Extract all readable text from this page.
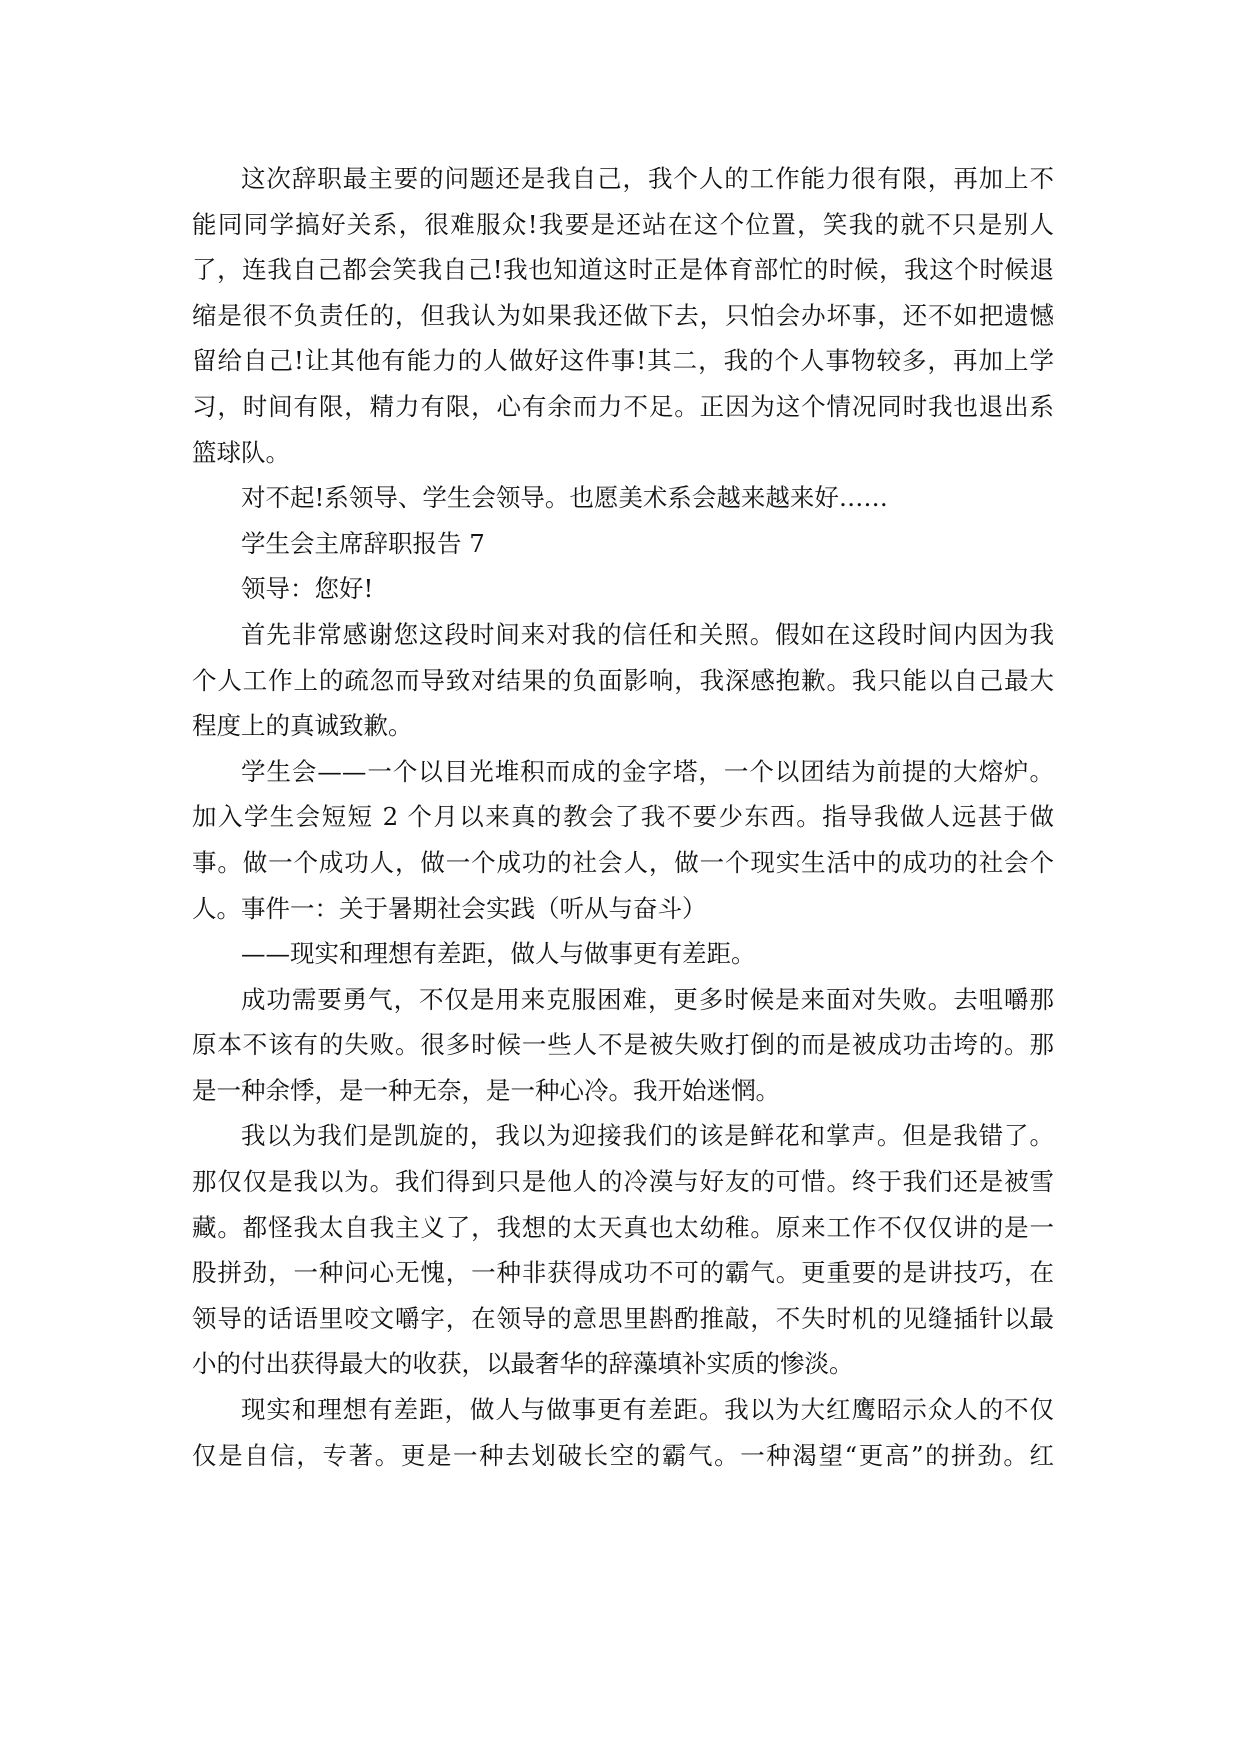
这次辞职最主要的问题还是我自己，我个人的工作能力很有限，再加上不
能同同学搞好关系，很难服众!我要是还站在这个位置，笑我的就不只是别人
了，连我自己都会笑我自己!我也知道这时正是体育部忙的时候，我这个时候退
缩是很不负责任的，但我认为如果我还做下去，只怕会办坏事，还不如把遗憾
留给自己!让其他有能力的人做好这件事!其二，我的个人事物较多，再加上学
习，时间有限，精力有限，心有余而力不足。正因为这个情况同时我也退出系
篮球队。
对不起!系领导、学生会领导。也愿美术系会越来越来好……
学生会主席辞职报告 7
领导：您好!
首先非常感谢您这段时间来对我的信任和关照。假如在这段时间内因为我
个人工作上的疏忽而导致对结果的负面影响，我深感抱歉。我只能以自己最大
程度上的真诚致歉。
学生会——一个以目光堆积而成的金字塔，一个以团结为前提的大熔炉。
加入学生会短短 2 个月以来真的教会了我不要少东西。指导我做人远甚于做
事。做一个成功人，做一个成功的社会人，做一个现实生活中的成功的社会个
人。事件一：关于暑期社会实践（听从与奋斗）
——现实和理想有差距，做人与做事更有差距。
成功需要勇气，不仅是用来克服困难，更多时候是来面对失败。去咀嚼那
原本不该有的失败。很多时候一些人不是被失败打倒的而是被成功击垮的。那
是一种余悸，是一种无奈，是一种心冷。我开始迷惘。
我以为我们是凯旋的，我以为迎接我们的该是鲜花和掌声。但是我错了。
那仅仅是我以为。我们得到只是他人的冷漠与好友的可惜。终于我们还是被雪
藏。都怪我太自我主义了，我想的太天真也太幼稚。原来工作不仅仅讲的是一
股拼劲，一种问心无愧，一种非获得成功不可的霸气。更重要的是讲技巧，在
领导的话语里咬文嚼字，在领导的意思里斟酌推敲，不失时机的见缝插针以最
小的付出获得最大的收获，以最奢华的辞藻填补实质的惨淡。
现实和理想有差距，做人与做事更有差距。我以为大红鹰昭示众人的不仅
仅是自信，专著。更是一种去划破长空的霸气。一种渴望“更高”的拼劲。红
